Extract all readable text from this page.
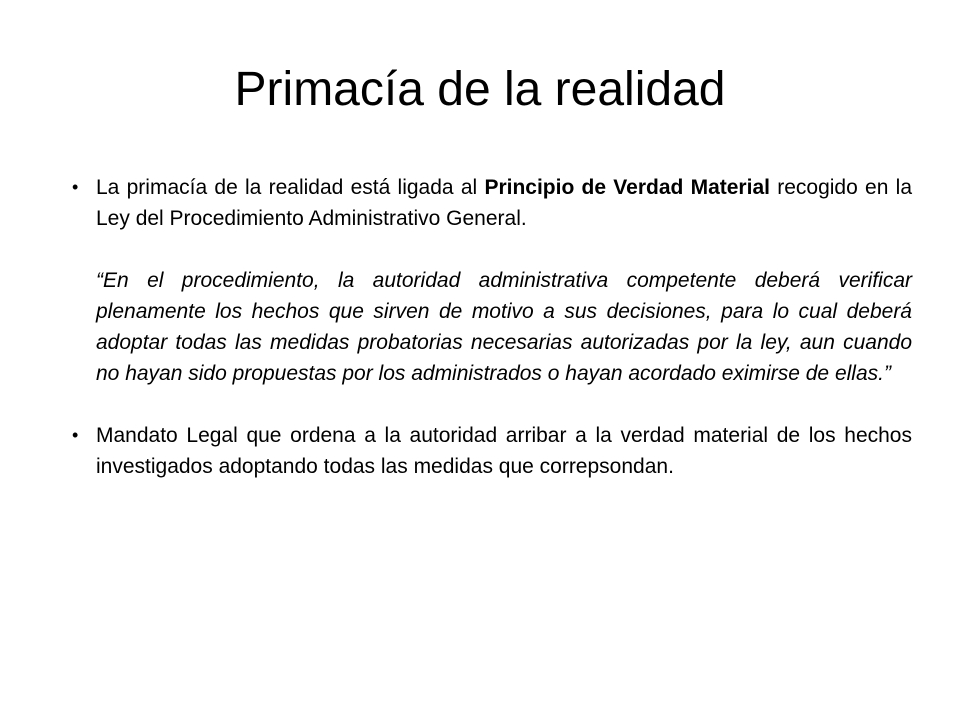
Primacía de la realidad

• La primacía de la realidad está ligada al Principio de Verdad Material recogido en la Ley del Procedimiento Administrativo General.

“En el procedimiento, la autoridad administrativa competente deberá verificar plenamente los hechos que sirven de motivo a sus decisiones, para lo cual deberá adoptar todas las medidas probatorias necesarias autorizadas por la ley, aun cuando no hayan sido propuestas por los administrados o hayan acordado eximirse de ellas.”

• Mandato Legal que ordena a la autoridad arribar a la verdad material de los hechos investigados adoptando todas las medidas que correpsondan.
